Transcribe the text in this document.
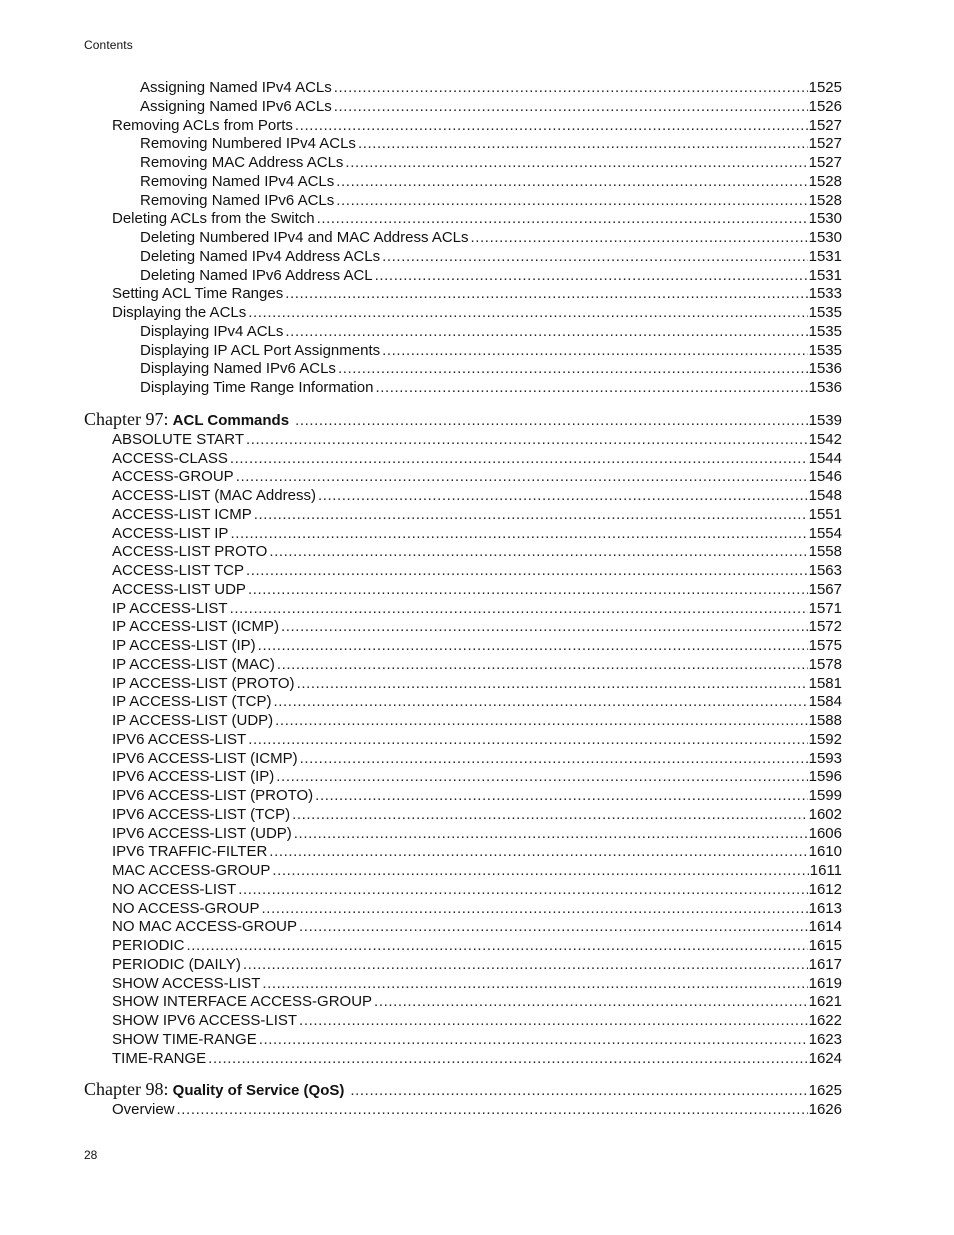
Contents
Assigning Named IPv4 ACLs .....	1525
Assigning Named IPv6 ACLs .....	1526
Removing ACLs from Ports .....	1527
Removing Numbered IPv4 ACLs .....	1527
Removing MAC Address ACLs .....	1527
Removing Named IPv4 ACLs .....	1528
Removing Named IPv6 ACLs .....	1528
Deleting ACLs from the Switch .....	1530
Deleting Numbered IPv4 and MAC Address ACLs .....	1530
Deleting Named IPv4 Address ACLs .....	1531
Deleting Named IPv6 Address ACL .....	1531
Setting ACL Time Ranges .....	1533
Displaying the ACLs .....	1535
Displaying IPv4 ACLs .....	1535
Displaying IP ACL Port Assignments .....	1535
Displaying Named IPv6 ACLs .....	1536
Displaying Time Range Information .....	1536
Chapter 97: ACL Commands .....	1539
ABSOLUTE START .....	1542
ACCESS-CLASS .....	1544
ACCESS-GROUP .....	1546
ACCESS-LIST (MAC Address) .....	1548
ACCESS-LIST ICMP .....	1551
ACCESS-LIST IP .....	1554
ACCESS-LIST PROTO .....	1558
ACCESS-LIST TCP .....	1563
ACCESS-LIST UDP .....	1567
IP ACCESS-LIST .....	1571
IP ACCESS-LIST (ICMP) .....	1572
IP ACCESS-LIST (IP) .....	1575
IP ACCESS-LIST (MAC) .....	1578
IP ACCESS-LIST (PROTO) .....	1581
IP ACCESS-LIST (TCP) .....	1584
IP ACCESS-LIST (UDP) .....	1588
IPV6 ACCESS-LIST .....	1592
IPV6 ACCESS-LIST (ICMP) .....	1593
IPV6 ACCESS-LIST (IP) .....	1596
IPV6 ACCESS-LIST (PROTO) .....	1599
IPV6 ACCESS-LIST (TCP) .....	1602
IPV6 ACCESS-LIST (UDP) .....	1606
IPV6 TRAFFIC-FILTER .....	1610
MAC ACCESS-GROUP .....	1611
NO ACCESS-LIST .....	1612
NO ACCESS-GROUP .....	1613
NO MAC ACCESS-GROUP .....	1614
PERIODIC .....	1615
PERIODIC (DAILY) .....	1617
SHOW ACCESS-LIST .....	1619
SHOW INTERFACE ACCESS-GROUP .....	1621
SHOW IPV6 ACCESS-LIST .....	1622
SHOW TIME-RANGE .....	1623
TIME-RANGE .....	1624
Chapter 98: Quality of Service (QoS) .....	1625
Overview .....	1626
28
